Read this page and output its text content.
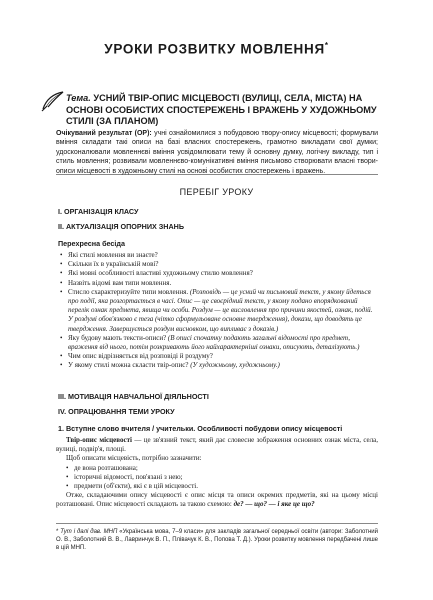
УРОКИ РОЗВИТКУ МОВЛЕННЯ*
Тема. УСНИЙ ТВІР-ОПИС МІСЦЕВОСТІ (ВУЛИЦІ, СЕЛА, МІСТА) НА ОСНОВІ ОСОБИСТИХ СПОСТЕРЕЖЕНЬ І ВРАЖЕНЬ У ХУДОЖНЬОМУ СТИЛІ (ЗА ПЛАНОМ)
Очікуваний результат (ОР): учні ознайомилися з побудовою твору-опису місцевості; формували вміння складати такі описи на базі власних спостережень, грамотно викладати свої думки; удосконалювали мовленнєві вміння усвідомлювати тему й основну думку, логічну викладу, тип і стиль мовлення; розвивали мовленнєво-комунікативні вміння письмово створювати власні твори-описи місцевості в художньому стилі на основі особистих спостережень і вражень.
ПЕРЕБІГ УРОКУ
І. ОРГАНІЗАЦІЯ КЛАСУ
ІІ. АКТУАЛІЗАЦІЯ ОПОРНИХ ЗНАНЬ
Перехресна бесіда
• Які стилі мовлення ви знаєте?
• Скільки їх в українській мові?
• Які мовні особливості властиві художньому стилю мовлення?
• Назвіть відомі вам типи мовлення.
• Стисло схарактеризуйте типи мовлення. (Розповідь — це усний чи письмовий текст, у якому йдеться про події, яка розгортається в часі. Опис — це своєрідний текст, у якому подано впорядкований перелік ознак предмета, явища чи особи. Роздум — це висловлення про причини якостей, ознак, подій. У роздумі обов'язково є теза (чітко сформульоване основне твердження), докази, що доводять це твердження. Завершується роздум висновком, що випливає з доказів.)
• Яку будову мають тексти-описи? (В описі спочатку подають загальні відомості про предмет, враження від нього, потім розкривають його найхарактерніші ознаки, описують, деталізують.)
• Чим опис відрізняється від розповіді й роздуму?
• У якому стилі можна скласти твір-опис? (У художньому, художньому.)
ІІІ. МОТИВАЦІЯ НАВЧАЛЬНОЇ ДІЯЛЬНОСТІ
IV. ОПРАЦЮВАННЯ ТЕМИ УРОКУ
1. Вступне слово вчителя / учительки. Особливості побудови опису місцевості
Твір-опис місцевості — це зв'язний текст, який дає словесне зображення основних ознак міста, села, вулиці, подвір'я, площі.
Щоб описати місцевість, потрібно зазначити:
• де вона розташована;
• історичні відомості, пов'язані з нею;
• предмети (об'єкти), які є в цій місцевості.
Отже, складаючими опису місцевості є опис місця та описи окремих предметів, які на цьому місці розташовані. Опис місцевості складають за такою схемою: де? — що? — і яке це що?
* Тут і далі дав. МНП «Українська мова, 7–9 класи» для закладів загальної середньої освіти (автори: Заболотний О. В., Заболотний В. В., Лавринчук В. П., Плівачук К. В., Попова Т. Д.). Уроки розвитку мовлення передбачені лише в цій МНП.
